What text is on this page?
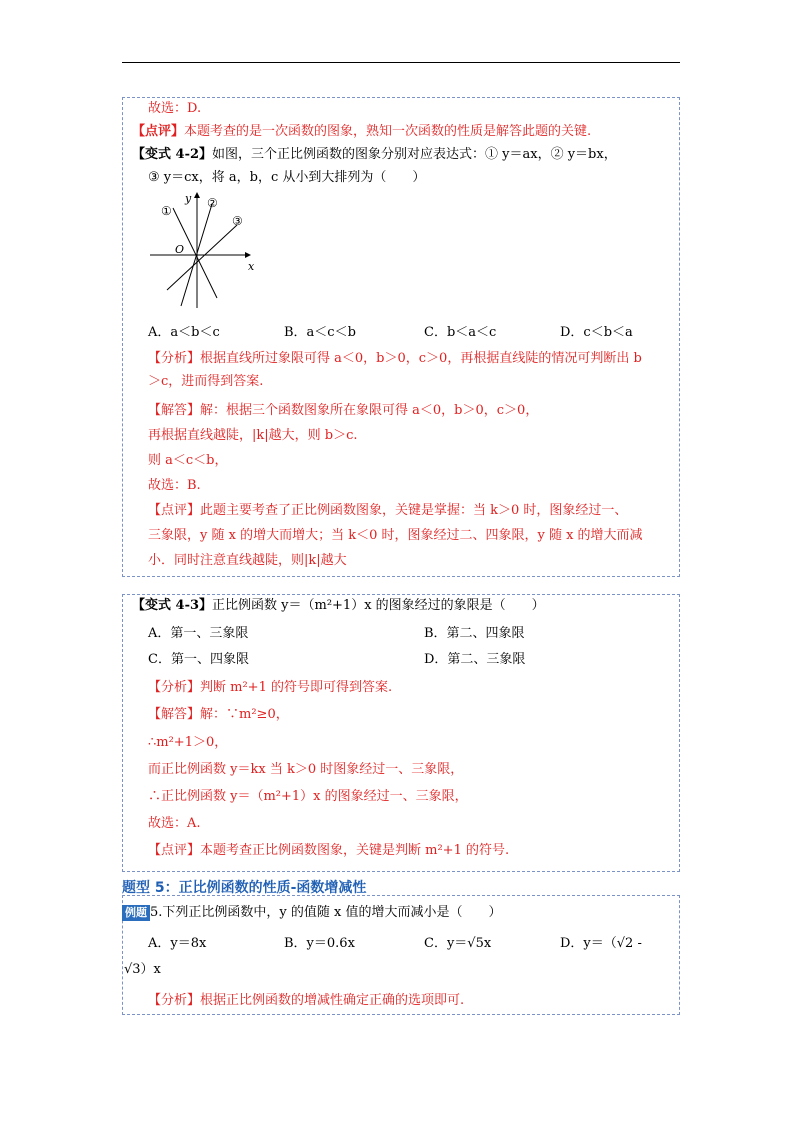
故选：D.
【点评】本题考查的是一次函数的图象，熟知一次函数的性质是解答此题的关键.
【变式 4-2】如图，三个正比例函数的图象分别对应表达式：① y＝ax，② y＝bx，
③ y＝cx，将 a，b，c 从小到大排列为（　　）
y
x
O
①
②
③
A．a＜b＜c	B．a＜c＜b	C．b＜a＜c	D．c＜b＜a
【分析】根据直线所过象限可得 a＜0，b＞0，c＞0，再根据直线陡的情况可判断出 b
＞c，进而得到答案.
【解答】解：根据三个函数图象所在象限可得 a＜0，b＞0，c＞0，
再根据直线越陡，|k|越大，则 b＞c.
则 a＜c＜b，
故选：B.
【点评】此题主要考查了正比例函数图象，关键是掌握：当 k＞0 时，图象经过一、
三象限，y 随 x 的增大而增大；当 k＜0 时，图象经过二、四象限，y 随 x 的增大而减
小．同时注意直线越陡，则|k|越大
【变式 4-3】正比例函数 y＝（m²+1）x 的图象经过的象限是（　　）
A．第一、三象限	B．第二、四象限
C．第一、四象限	D．第二、三象限
【分析】判断 m²+1 的符号即可得到答案.
【解答】解：∵m²≥0，
∴m²+1＞0，
而正比例函数 y＝kx 当 k＞0 时图象经过一、三象限，
∴正比例函数 y＝（m²+1）x 的图象经过一、三象限，
故选：A.
【点评】本题考查正比例函数图象，关键是判断 m²+1 的符号.
题型 5：正比例函数的性质-函数增减性
例题 5.下列正比例函数中，y 的值随 x 值的增大而减小是（　　）
A．y＝8x	B．y＝0.6x	C．y＝√5x	D．y＝（√2 -
√3）x
【分析】根据正比例函数的增减性确定正确的选项即可.
